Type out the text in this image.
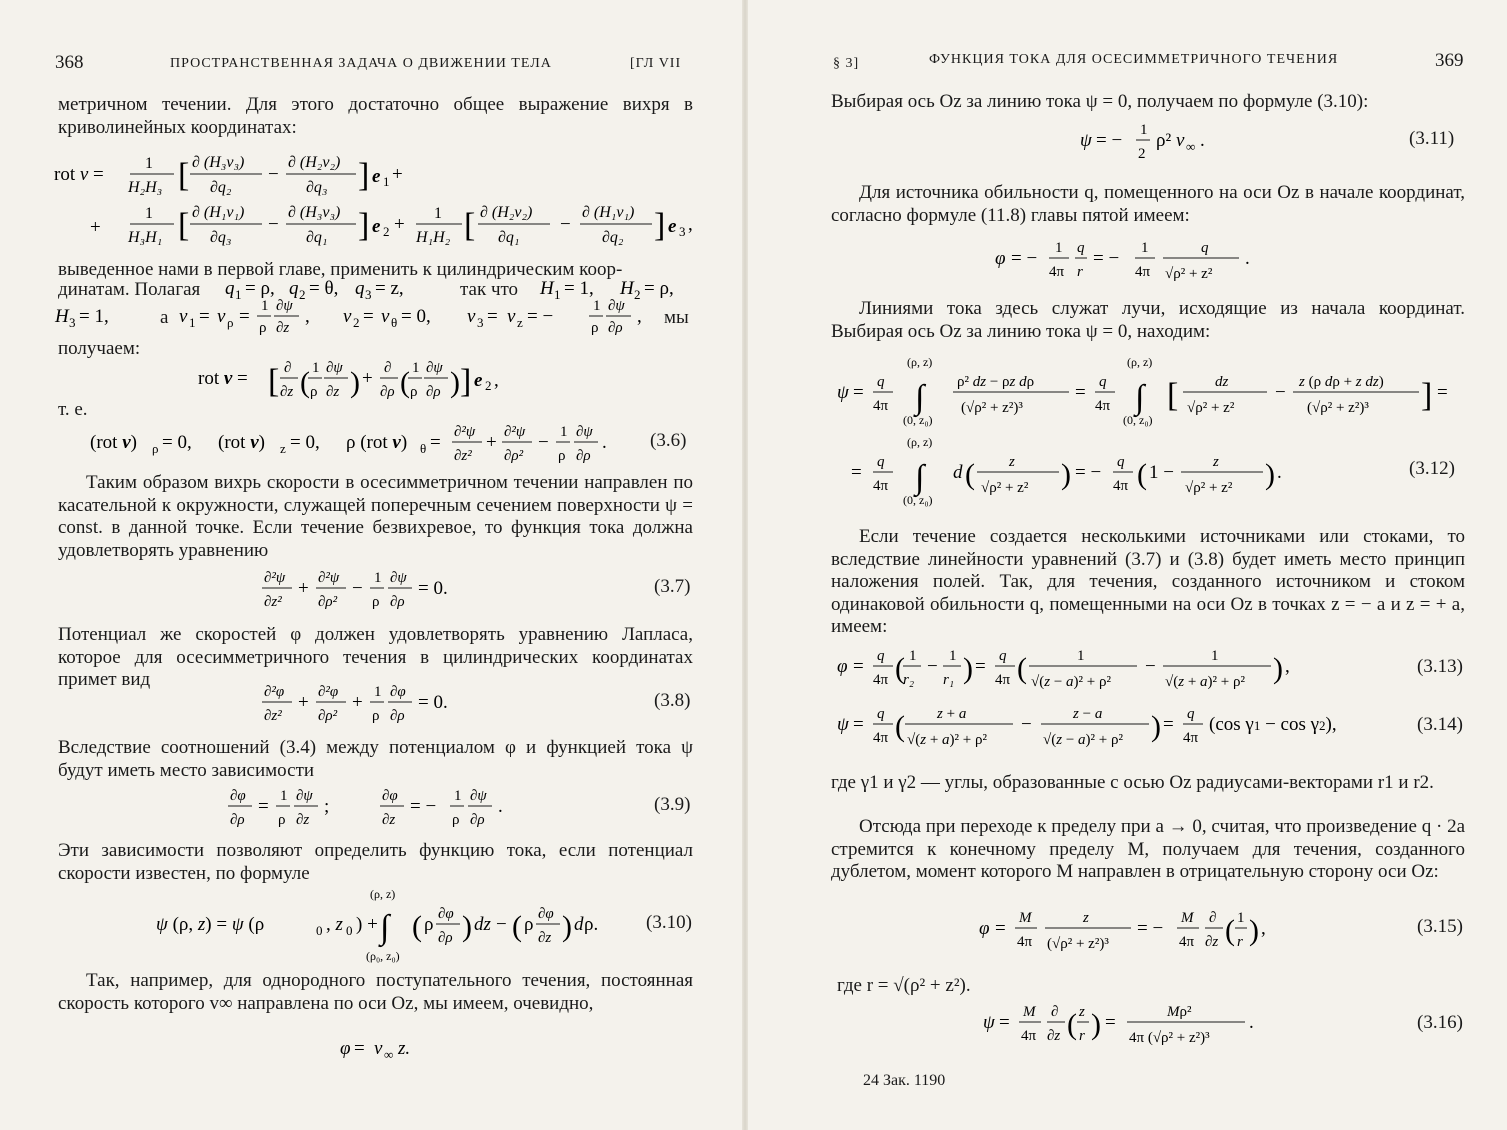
368	ПРОСТРАНСТВЕННАЯ ЗАДАЧА О ДВИЖЕНИИ ТЕЛА	[ГЛ VII
метричном течении. Для этого достаточно общее выражение вихря в криволинейных координатах:
rot v =
1
H₂H₃ [ ∂ (H₃v₃)
∂q₂
−
∂ (H₂v₂)
∂q₃ ] e 1 +
+
1
H₃H₁ [ ∂ (H₁v₁)
∂q₃
−
∂ (H₃v₃)
∂q₁ ] e 2 +
1
H₁H₂ [ ∂ (H₂v₂)
∂q₁
−
∂ (H₁v₁)
∂q₂ ] e 3 ,
выведенное нами в первой главе, применить к цилиндрическим коор-
динатам. Полагая q 1 = ρ, q 2 = θ, q 3 = z,	так что H 1 = 1, H 2 = ρ,
H 3 = 1,	v 1 = v ρ = 1
ρ
∂ψ
∂z
, v 2 = v θ = 0, v 3 = v z = −	1
ρ
∂ψ
∂ρ
,
а	мы
получаем:
rot v = [ ∂
∂z ( 1
ρ
∂ψ
∂z ) + ∂
∂ρ ( 1
ρ
∂ψ
∂ρ ) ] e 2 ,
т. е.
(rot v) ρ = 0, (rot v) z = 0, ρ (rot v) θ = ∂²ψ
∂z²
+ ∂²ψ
∂ρ²
− 1
ρ
∂ψ
∂ρ
. (3.6)
Таким образом вихрь скорости в осесимметричном течении направлен по касательной к окружности, служащей поперечным сечением поверхности ψ = const. в данной точке. Если течение безвихревое, то функция тока должна удовлетворять уравнению
∂²ψ
∂z²
+ ∂²ψ
∂ρ²
− 1
ρ
∂ψ
∂ρ
= 0.	(3.7)
Потенциал же скоростей φ должен удовлетворять уравнению Лапласа, которое для осесимметричного течения в цилиндрических координатах примет вид
∂²φ
∂z²
+ ∂²φ
∂ρ²
+ 1
ρ
∂φ
∂ρ
= 0.	(3.8)
Вследствие соотношений (3.4) между потенциалом φ и функцией тока ψ будут иметь место зависимости
∂φ
∂ρ
= 1
ρ
∂ψ
∂z
;	∂φ
∂z
= − 1
ρ
∂ψ
∂ρ
.	(3.9)
Эти зависимости позволяют определить функцию тока, если потенциал скорости известен, по формуле
ψ (ρ, z) = ψ (ρ	0 , z 0 ) +
(ρ, z)
∫
(ρ₀, z₀)
( ρ ∂φ
∂ρ ) dz − ( ρ ∂φ
∂z ) d ρ.	(3.10)
Так, например, для однородного поступательного течения, постоянная скорость которого v∞ направлена по оси Oz, мы имеем, очевидно,
φ = v ∞ z.
§ 3]	ФУНКЦИЯ ТОКА ДЛЯ ОСЕСИММЕТРИЧНОГО ТЕЧЕНИЯ	369
Выбирая ось Oz за линию тока ψ = 0, получаем по формуле (3.10):
ψ = − 1
2
ρ² v ∞ .	(3.11)
Для источника обильности q, помещенного на оси Oz в начале координат, согласно формуле (11.8) главы пятой имеем:
φ = − 1
4π
q
r
= − 1
4π
q
√ρ² + z²
.
Линиями тока здесь служат лучи, исходящие из начала координат. Выбирая ось Oz за линию тока ψ = 0, находим:
ψ = q
4π
(ρ, z)
∫
(0, z₀)
ρ² dz − ρz dρ
(√ρ² + z²)³
= q
4π
(ρ, z)
∫
(0, z₀)
[ dz
√ρ² + z²
− z (ρ dρ + z dz)
(√ρ² + z²)³ ] =
= q
4π
(ρ, z)
∫
(0, z₀)
d ( z
√ρ² + z² ) = − q
4π ( 1 −	z
√ρ² + z² ) .	(3.12)
Если течение создается несколькими источниками или стоками, то вследствие линейности уравнений (3.7) и (3.8) будет иметь место принцип наложения полей. Так, для течения, созданного источником и стоком одинаковой обильности q, помещенными на оси Oz в точках z = − a и z = + a, имеем:
φ = q
4π ( 1
r₂
− 1
r₁ ) = q
4π (	1
√(z − a)² + ρ²
−	1
√(z + a)² + ρ² ) ,
ψ = q
4π ( z + a
√(z + a)² + ρ²
−	z − a
√(z − a)² + ρ² ) = q
4π
(cos γ1 − cos γ2),
(3.13)
(3.14)
где γ1 и γ2 — углы, образованные с осью Oz радиусами-векторами r1 и r2.
Отсюда при переходе к пределу при a → 0, считая, что произведение q · 2a стремится к конечному пределу M, получаем для течения, созданного дублетом, момент которого M направлен в отрицательную сторону оси Oz:
φ = M
4π
z
(√ρ² + z²)³
= − M
4π
∂
∂z ( 1
r ) ,	(3.15)
где r = √(ρ² + z²).
ψ = M
4π
∂
∂z ( z
r ) =	Mρ²
4π (√ρ² + z²)³
.	(3.16)
24 Зак. 1190
